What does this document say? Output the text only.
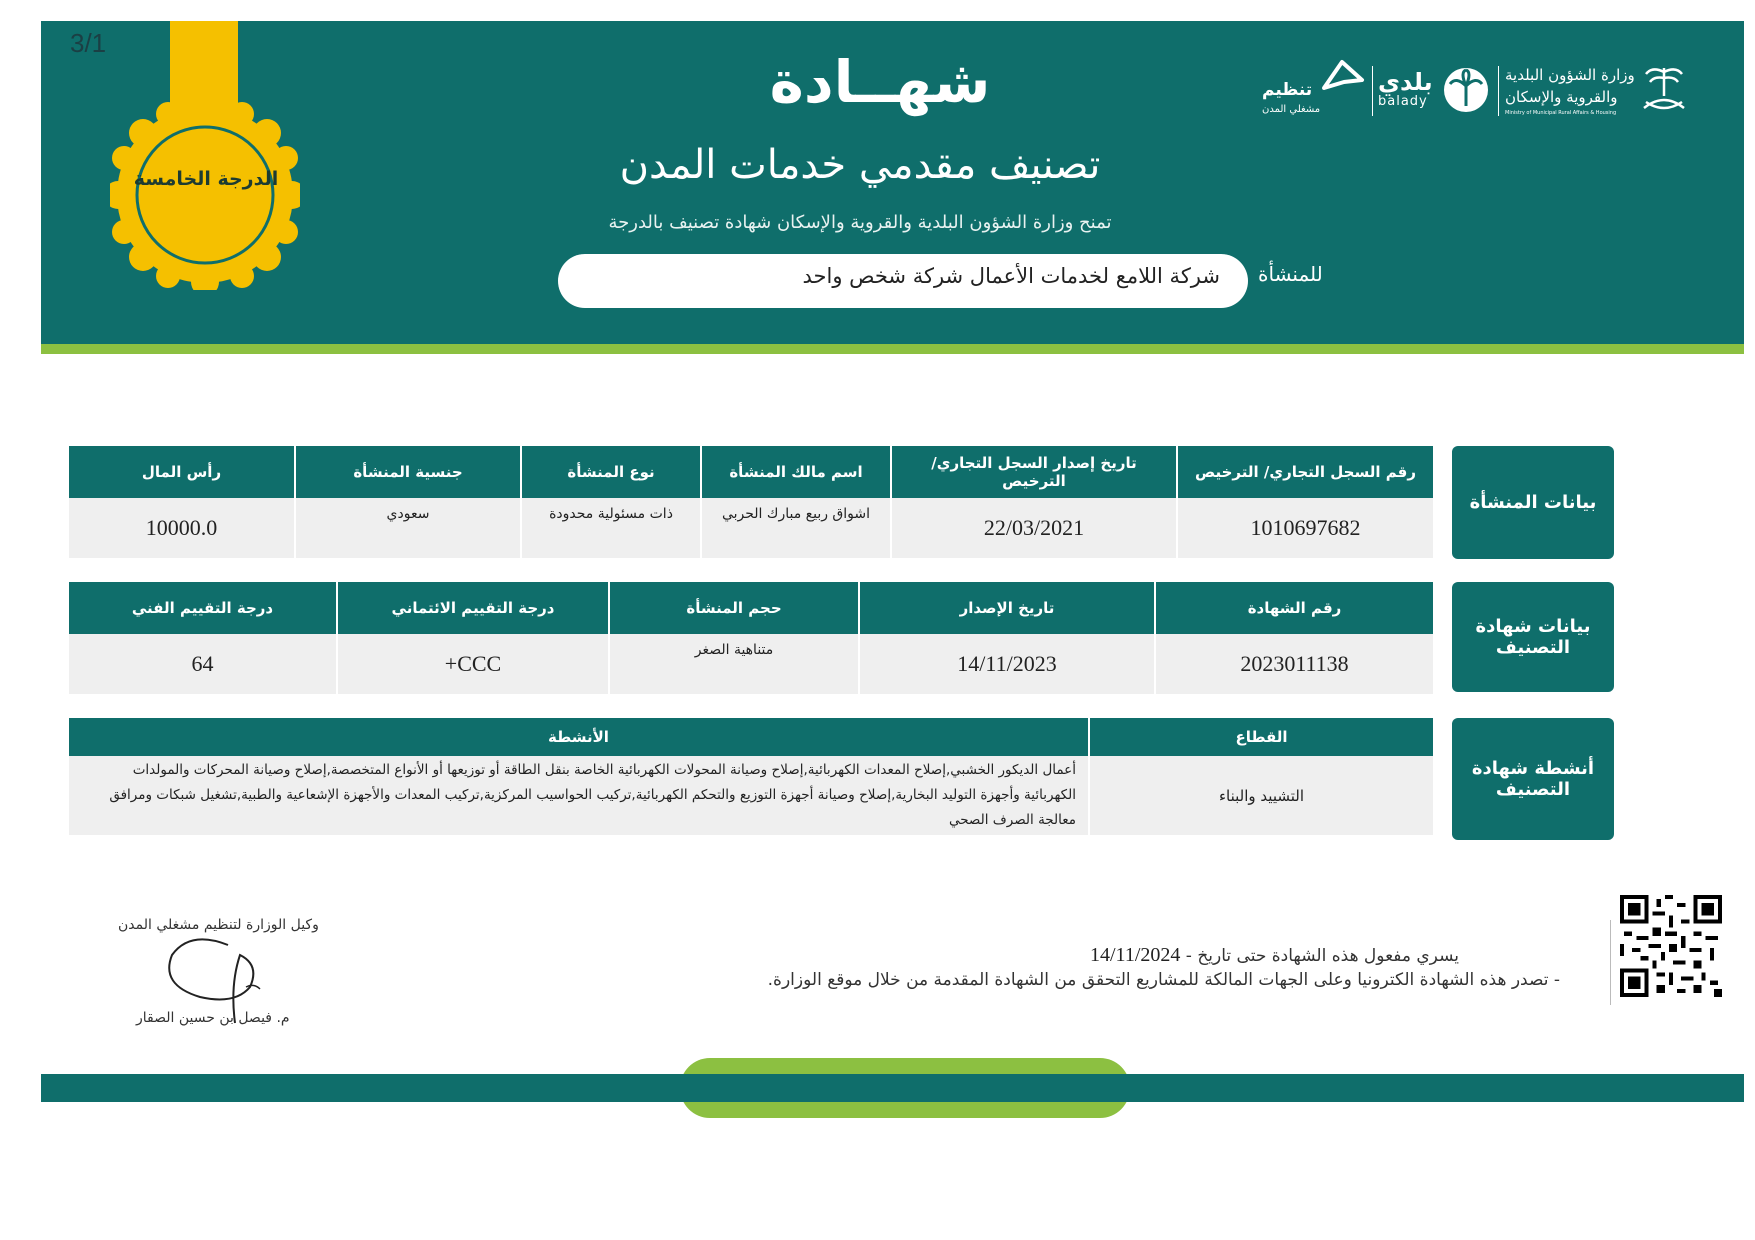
3/1
الدرجة الخامسة
شهــادة
تصنيف مقدمي خدمات المدن
تمنح وزارة الشؤون البلدية والقروية والإسكان شهادة تصنيف بالدرجة
شركة اللامع لخدمات الأعمال شركة شخص واحد للمنشأة
تنظيم
مشغلي المدن
بلدي
balady
وزارة الشؤون البلدية
والقروية والإسكان
Ministry of Municipal Rural Affairs & Housing
بيانات المنشأة
رأس المال	جنسية المنشأة	نوع المنشأة	اسم مالك المنشأة	تاريخ إصدار السجل التجاري/ الترخيص	رقم السجل التجاري/ الترخيص
10000.0	سعودي	ذات مسئولية محدودة	اشواق ربيع مبارك الحربي	22/03/2021	1010697682
بيانات شهادة التصنيف
درجة التقييم الفني	درجة التقييم الائتماني	حجم المنشأة	تاريخ الإصدار	رقم الشهادة
64	CCC+	متناهية الصغر	14/11/2023	2023011138
أنشطة شهادة التصنيف
الأنشطة	القطاع
أعمال الديكور الخشبي,إصلاح المعدات الكهربائية,إصلاح وصيانة المحولات الكهربائية الخاصة بنقل الطاقة أو توزيعها أو الأنواع المتخصصة,إصلاح وصيانة المحركات والمولدات الكهربائية وأجهزة التوليد البخارية,إصلاح وصيانة أجهزة التوزيع والتحكم الكهربائية,تركيب الحواسيب المركزية,تركيب المعدات والأجهزة الإشعاعية والطبية,تشغيل شبكات ومرافق معالجة الصرف الصحي	التشييد والبناء
وكيل الوزارة لتنظيم مشغلي المدن
م. فيصل بن حسين الصقار
14/11/2024 - يسري مفعول هذه الشهادة حتى تاريخ
- تصدر هذه الشهادة الكترونيا وعلى الجهات المالكة للمشاريع التحقق من الشهادة المقدمة من خلال موقع الوزارة.
